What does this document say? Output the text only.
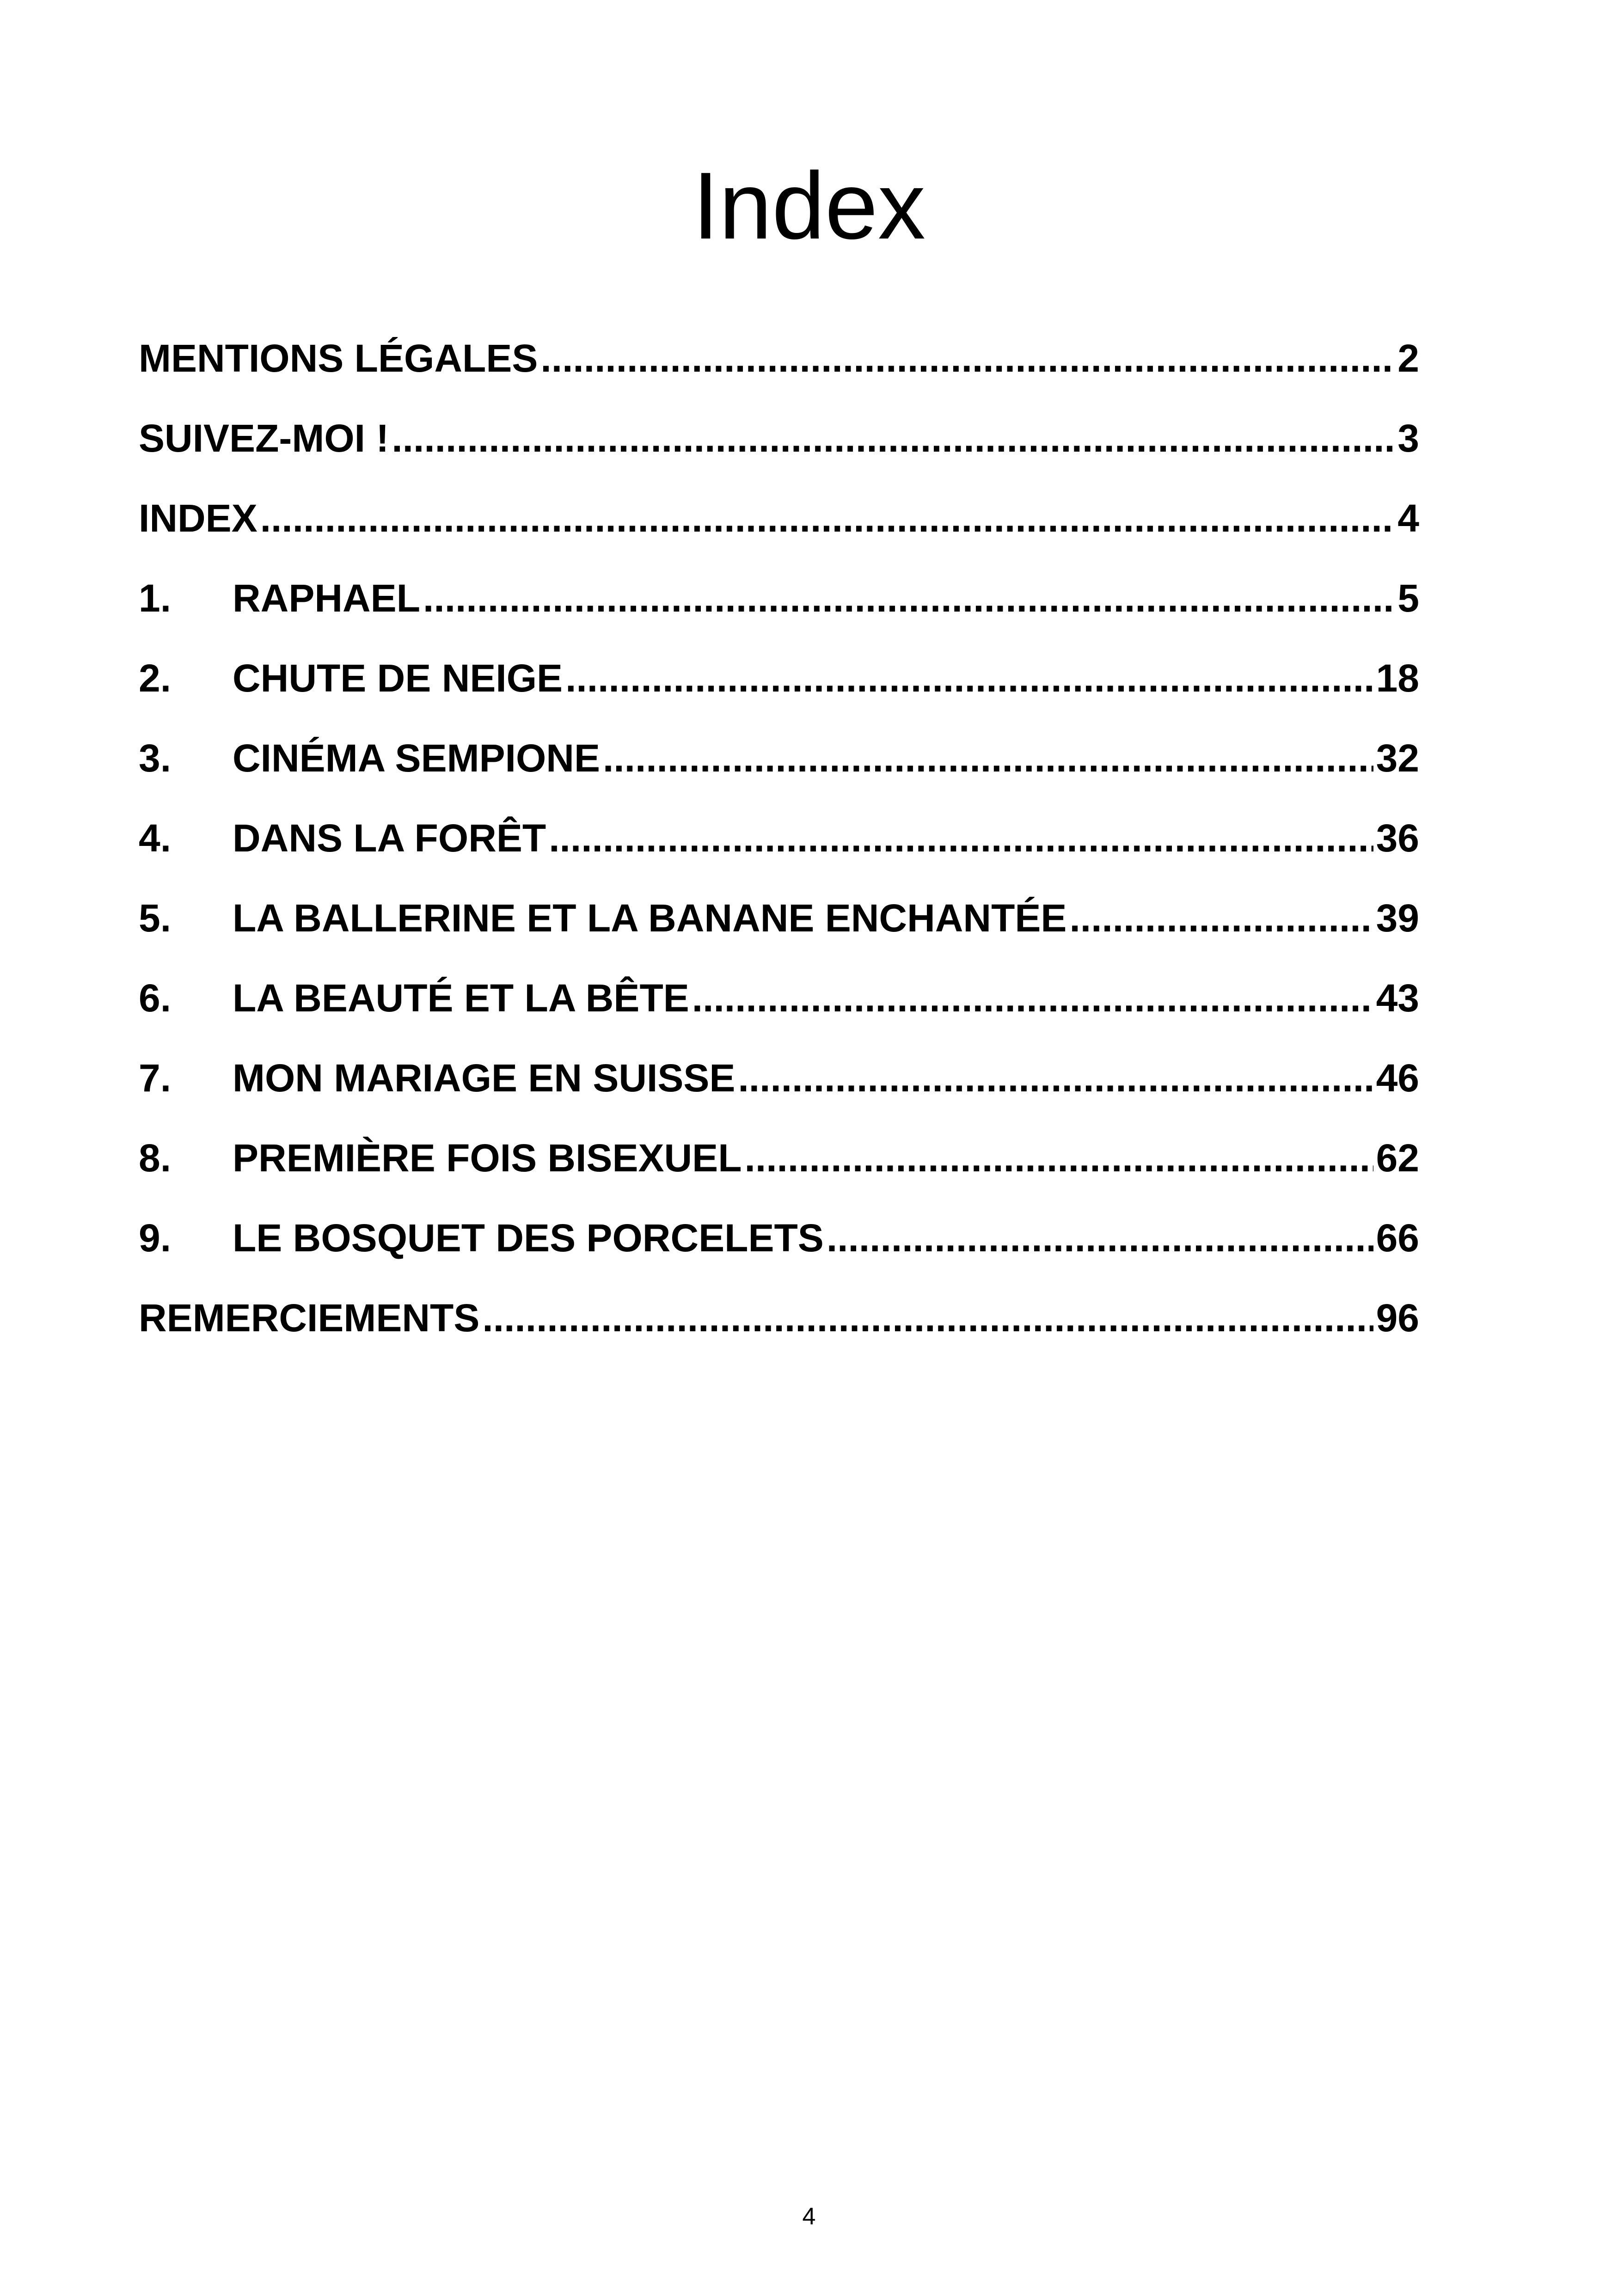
Index
MENTIONS LÉGALES .....	2
SUIVEZ-MOI ! .....	3
INDEX .....	4
1.	RAPHAEL .....	5
2.	CHUTE DE NEIGE .....	18
3.	CINÉMA SEMPIONE .....	32
4.	DANS LA FORÊT .....	36
5.	LA BALLERINE ET LA BANANE ENCHANTÉE .....	39
6.	LA BEAUTÉ ET LA BÊTE .....	43
7.	MON MARIAGE EN SUISSE .....	46
8.	PREMIÈRE FOIS BISEXUEL .....	62
9.	LE BOSQUET DES PORCELETS .....	66
REMERCIEMENTS .....	96
4
